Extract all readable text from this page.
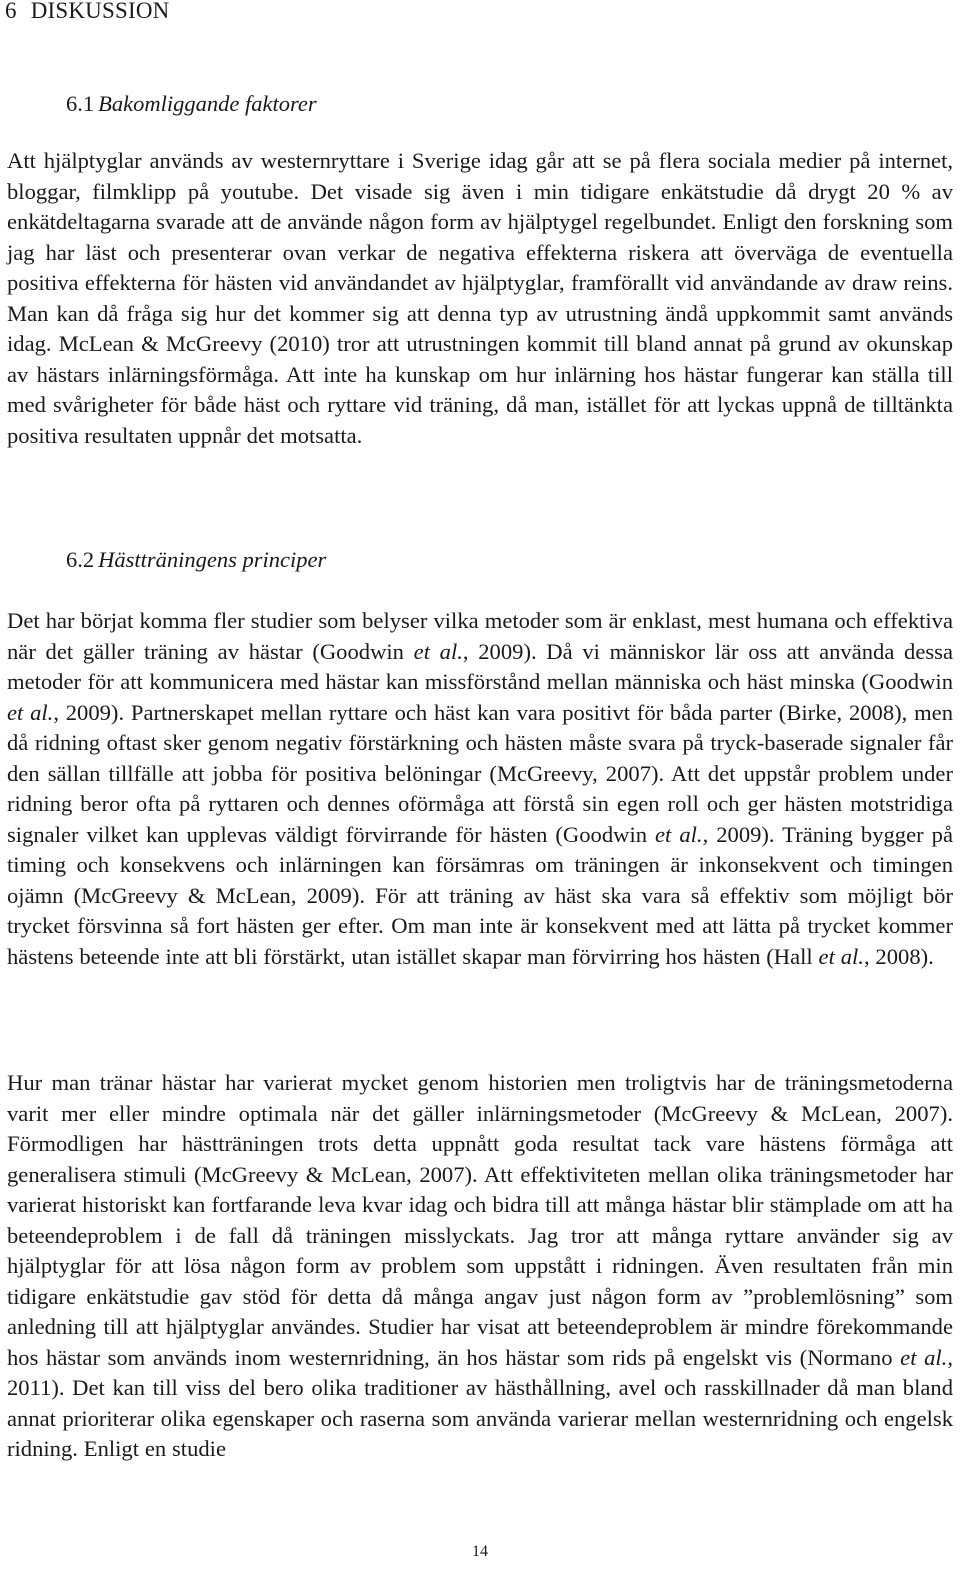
6 DISKUSSION
6.1 Bakomliggande faktorer

Att hjälptyglar används av westernryttare i Sverige idag går att se på flera sociala medier på internet, bloggar, filmklipp på youtube. Det visade sig även i min tidigare enkätstudie då drygt 20 % av enkätdeltagarna svarade att de använde någon form av hjälptygel regelbundet. Enligt den forskning som jag har läst och presenterar ovan verkar de negativa effekterna riskera att överväga de eventuella positiva effekterna för hästen vid användandet av hjälptyglar, framförallt vid användande av draw reins. Man kan då fråga sig hur det kommer sig att denna typ av utrustning ändå uppkommit samt används idag. McLean & McGreevy (2010) tror att utrustningen kommit till bland annat på grund av okunskap av hästars inlärningsförmåga. Att inte ha kunskap om hur inlärning hos hästar fungerar kan ställa till med svårigheter för både häst och ryttare vid träning, då man, istället för att lyckas uppnå de tilltänkta positiva resultaten uppnår det motsatta.

6.2 Hästträningens principer

Det har börjat komma fler studier som belyser vilka metoder som är enklast, mest humana och effektiva när det gäller träning av hästar (Goodwin et al., 2009). Då vi människor lär oss att använda dessa metoder för att kommunicera med hästar kan missförstånd mellan människa och häst minska (Goodwin et al., 2009). Partnerskapet mellan ryttare och häst kan vara positivt för båda parter (Birke, 2008), men då ridning oftast sker genom negativ förstärkning och hästen måste svara på tryck-baserade signaler får den sällan tillfälle att jobba för positiva belöningar (McGreevy, 2007). Att det uppstår problem under ridning beror ofta på ryttaren och dennes oförmåga att förstå sin egen roll och ger hästen motstridiga signaler vilket kan upplevas väldigt förvirrande för hästen (Goodwin et al., 2009). Träning bygger på timing och konsekvens och inlärningen kan försämras om träningen är inkonsekvent och timingen ojämn (McGreevy & McLean, 2009). För att träning av häst ska vara så effektiv som möjligt bör trycket försvinna så fort hästen ger efter. Om man inte är konsekvent med att lätta på trycket kommer hästens beteende inte att bli förstärkt, utan istället skapar man förvirring hos hästen (Hall et al., 2008).

Hur man tränar hästar har varierat mycket genom historien men troligtvis har de träningsmetoderna varit mer eller mindre optimala när det gäller inlärningsmetoder (McGreevy & McLean, 2007). Förmodligen har hästträningen trots detta uppnått goda resultat tack vare hästens förmåga att generalisera stimuli (McGreevy & McLean, 2007). Att effektiviteten mellan olika träningsmetoder har varierat historiskt kan fortfarande leva kvar idag och bidra till att många hästar blir stämplade om att ha beteendeproblem i de fall då träningen misslyckats. Jag tror att många ryttare använder sig av hjälptyglar för att lösa någon form av problem som uppstått i ridningen. Även resultaten från min tidigare enkätstudie gav stöd för detta då många angav just någon form av ”problemlösning” som anledning till att hjälptyglar användes. Studier har visat att beteendeproblem är mindre förekommande hos hästar som används inom westernridning, än hos hästar som rids på engelskt vis (Normano et al., 2011). Det kan till viss del bero olika traditioner av hästhållning, avel och rasskillnader då man bland annat prioriterar olika egenskaper och raserna som använda varierar mellan westernridning och engelsk ridning. Enligt en studie

14
